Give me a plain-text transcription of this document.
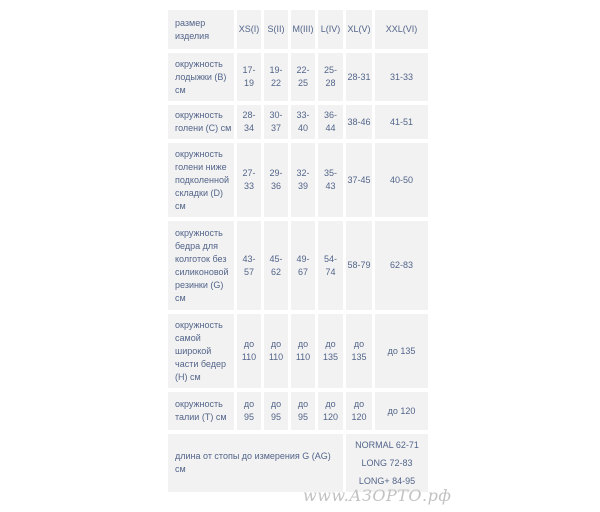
размер изделия	XS(I)	S(II)	M(III)	L(IV)	XL(V)	XXL(VI)
окружность лодыжки (B) см	17-19	19-22	22-25	25-28	28-31	31-33
окружность голени (C) см	28-34	30-37	33-40	36-44	38-46	41-51
окружность голени ниже подколенной складки (D) см	27-33	29-36	32-39	35-43	37-45	40-50
окружность бедра для колготок без силиконовой резинки (G) см	43-57	45-62	49-67	54-74	58-79	62-83
окружность самой широкой части бедер (H) см	до 110	до 110	до 110	до 135	до 135	до 135
окружность талии (T) см	до 95	до 95	до 95	до 120	до 120	до 120
длина от стопы до измерения G (AG) см					NORMAL 62-71
LONG 72-83
LONG+ 84-95	
www.АЗОРТО.рф
